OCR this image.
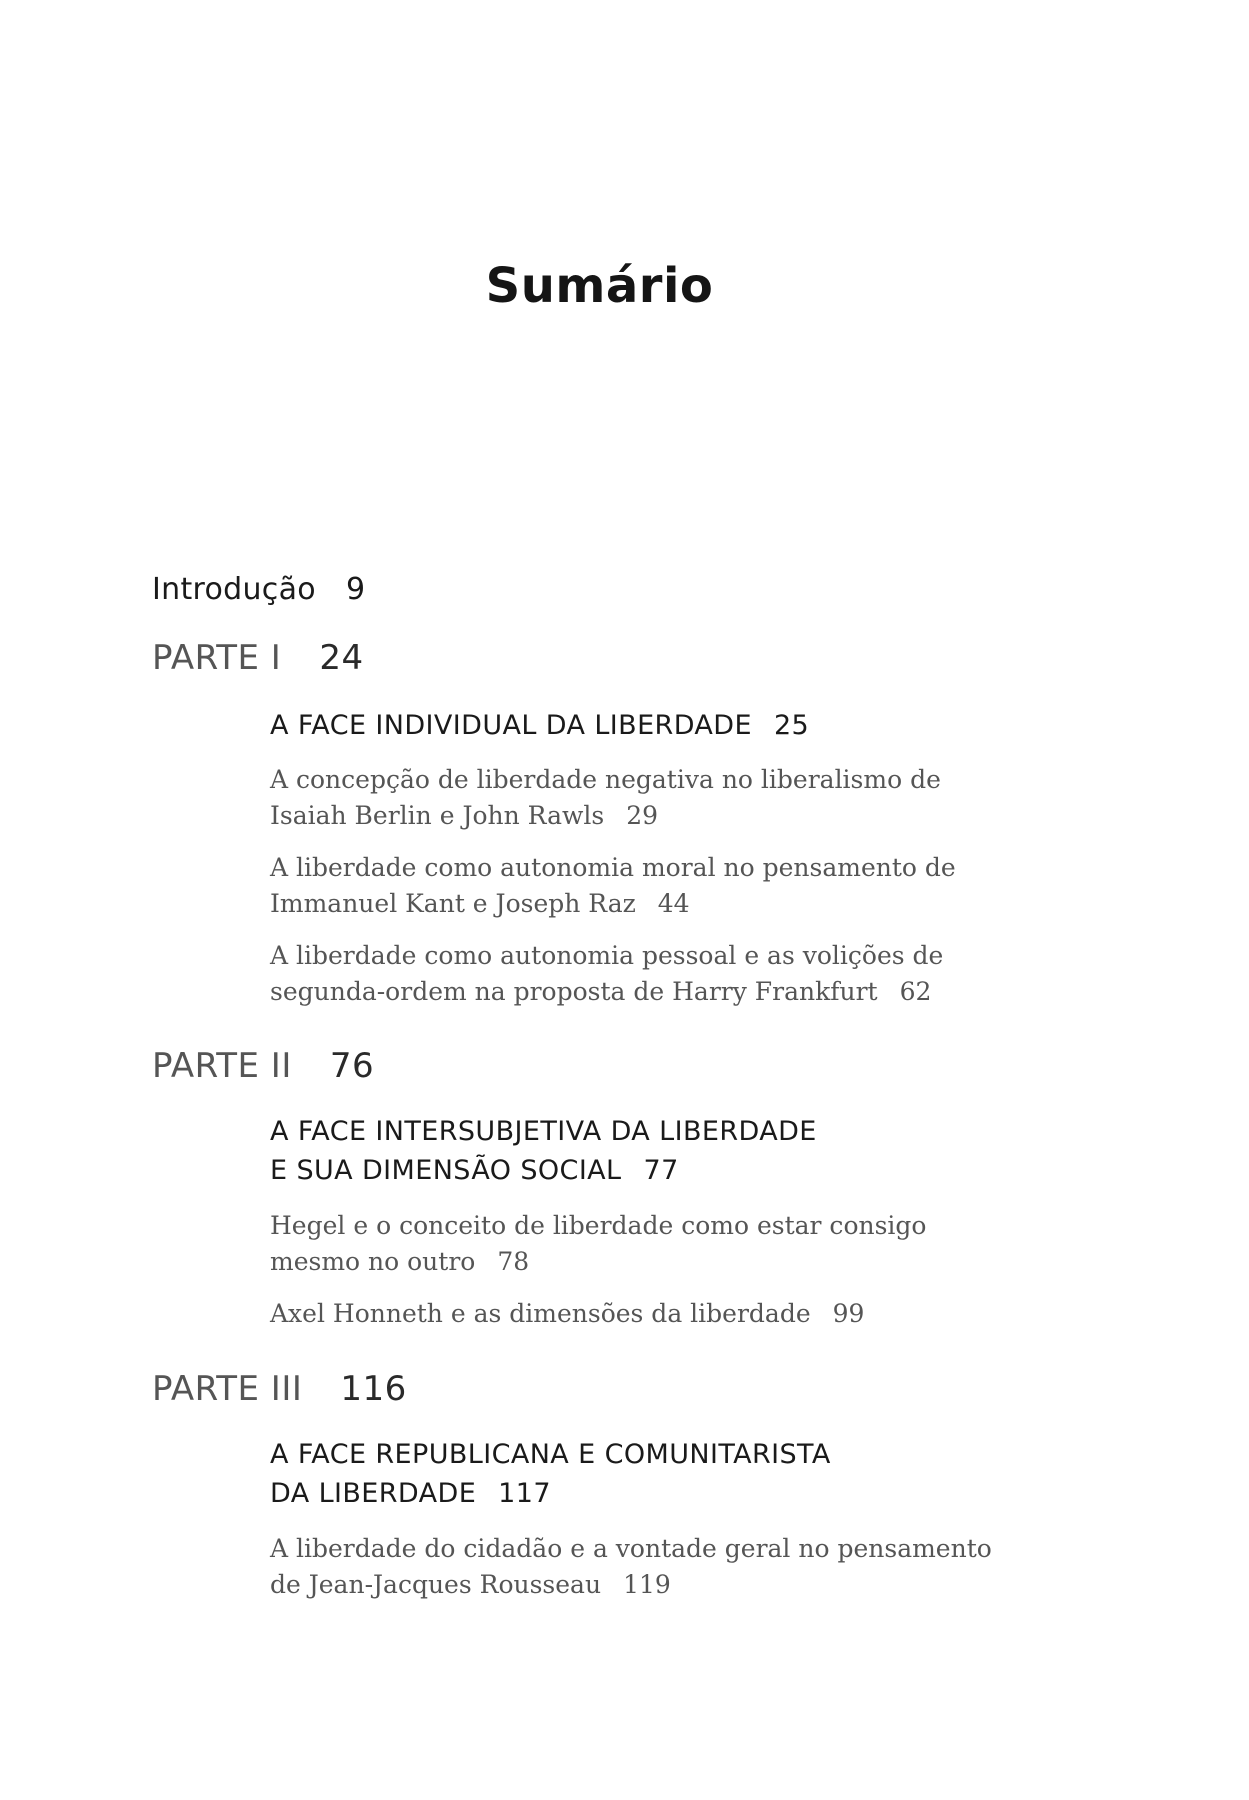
Sumário
Introdução 9
PARTE I 24
A FACE INDIVIDUAL DA LIBERDADE 25
A concepção de liberdade negativa no liberalismo de
Isaiah Berlin e John Rawls 29
A liberdade como autonomia moral no pensamento de
Immanuel Kant e Joseph Raz 44
A liberdade como autonomia pessoal e as volições de
segunda-ordem na proposta de Harry Frankfurt 62
PARTE II 76
A FACE INTERSUBJETIVA DA LIBERDADE
E SUA DIMENSÃO SOCIAL 77
Hegel e o conceito de liberdade como estar consigo
mesmo no outro 78
Axel Honneth e as dimensões da liberdade 99
PARTE III 116
A FACE REPUBLICANA E COMUNITARISTA
DA LIBERDADE 117
A liberdade do cidadão e a vontade geral no pensamento
de Jean-Jacques Rousseau 119
